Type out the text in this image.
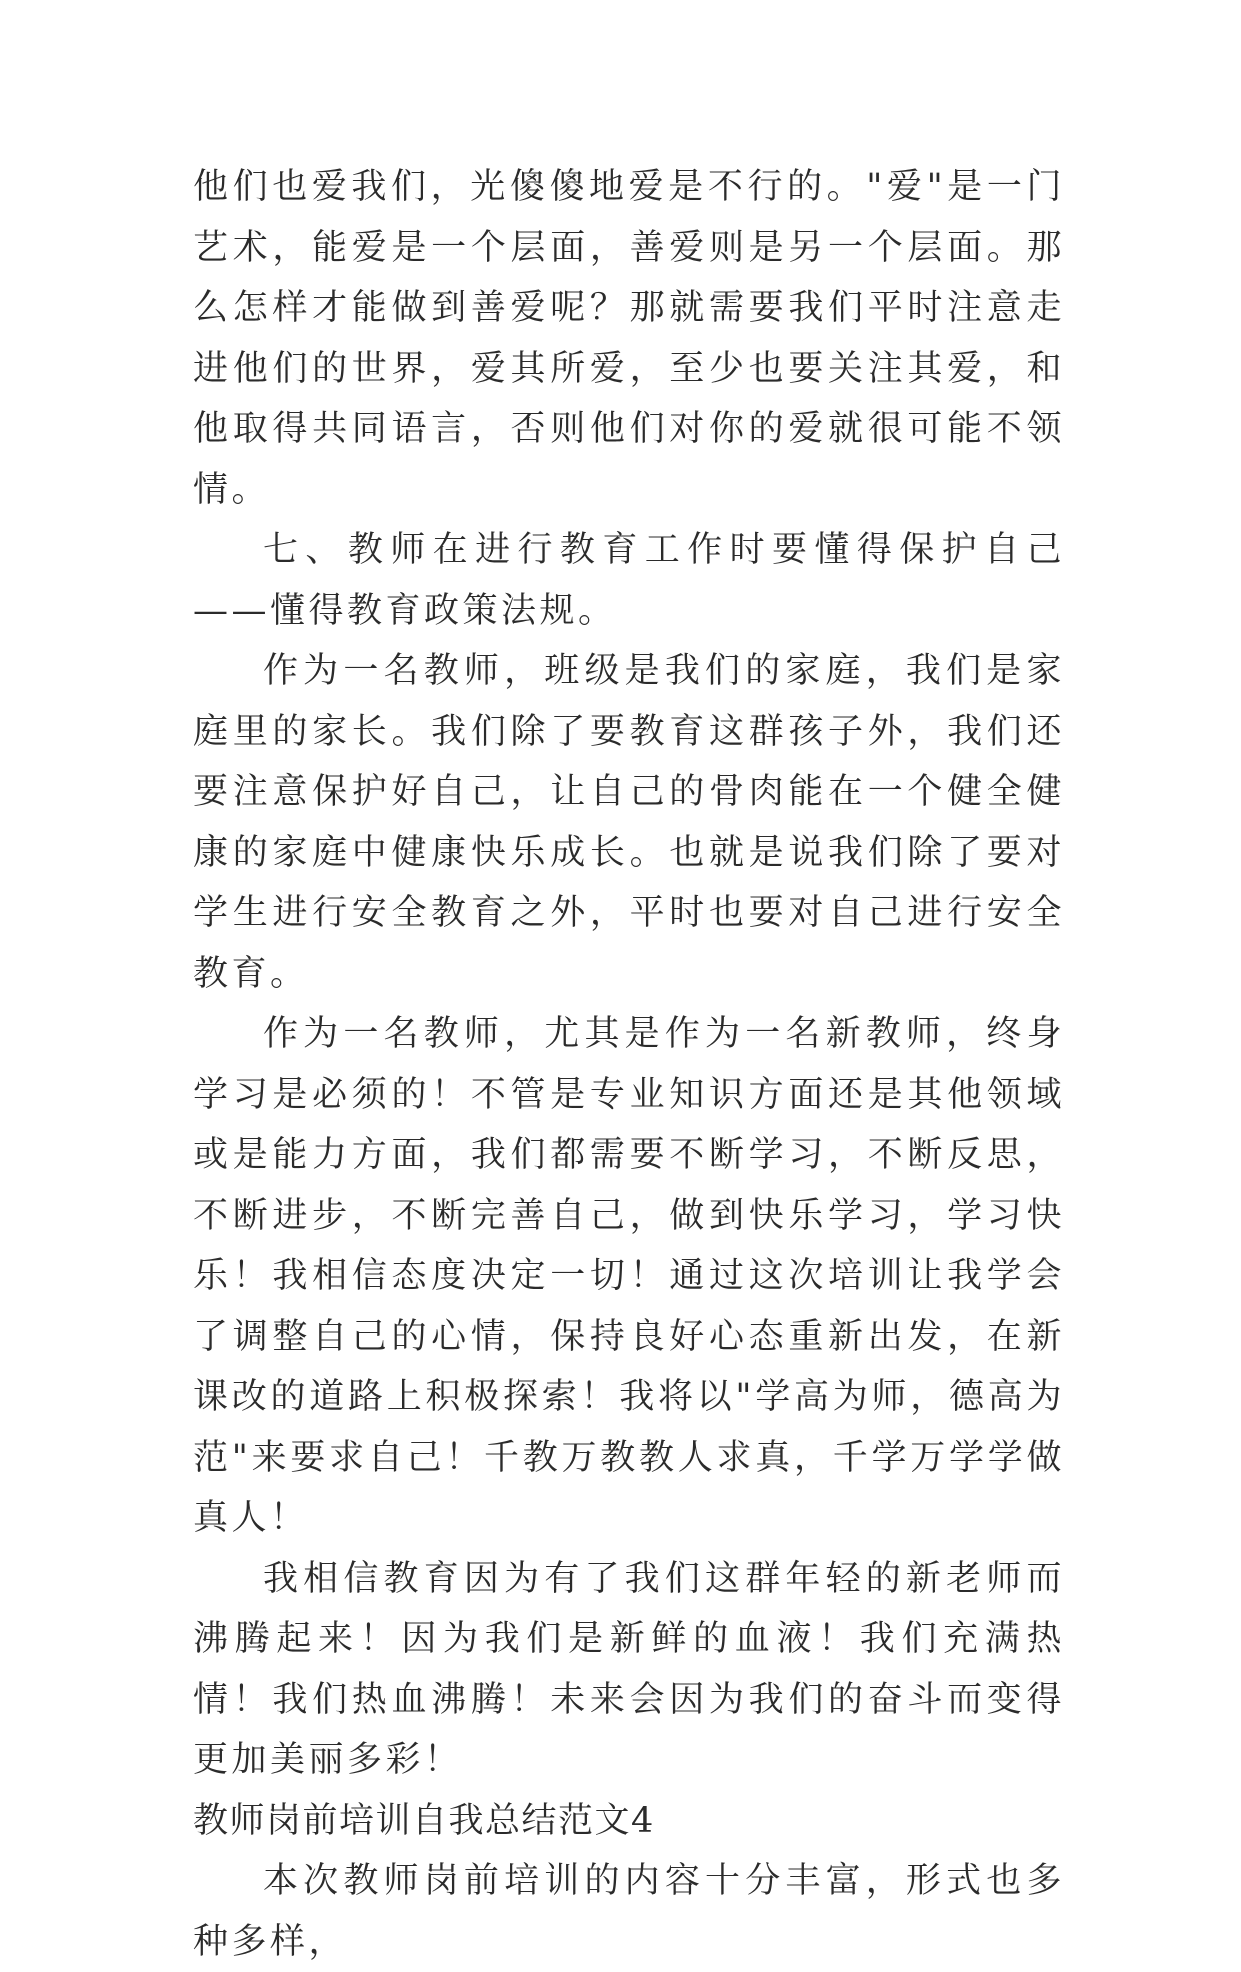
他们也爱我们，光傻傻地爱是不行的。"爱"是一门艺术，能爱是一个层面，善爱则是另一个层面。那么怎样才能做到善爱呢？那就需要我们平时注意走进他们的世界，爱其所爱，至少也要关注其爱，和他取得共同语言，否则他们对你的爱就很可能不领情。

七、教师在进行教育工作时要懂得保护自己——懂得教育政策法规。

作为一名教师，班级是我们的家庭，我们是家庭里的家长。我们除了要教育这群孩子外，我们还要注意保护好自己，让自己的骨肉能在一个健全健康的家庭中健康快乐成长。也就是说我们除了要对学生进行安全教育之外，平时也要对自己进行安全教育。

作为一名教师，尤其是作为一名新教师，终身学习是必须的！不管是专业知识方面还是其他领域或是能力方面，我们都需要不断学习，不断反思，不断进步，不断完善自己，做到快乐学习，学习快乐！我相信态度决定一切！通过这次培训让我学会了调整自己的心情，保持良好心态重新出发，在新课改的道路上积极探索！我将以"学高为师，德高为范"来要求自己！千教万教教人求真，千学万学学做真人！

我相信教育因为有了我们这群年轻的新老师而沸腾起来！因为我们是新鲜的血液！我们充满热情！我们热血沸腾！未来会因为我们的奋斗而变得更加美丽多彩！

教师岗前培训自我总结范文4

本次教师岗前培训的内容十分丰富，形式也多种多样，
